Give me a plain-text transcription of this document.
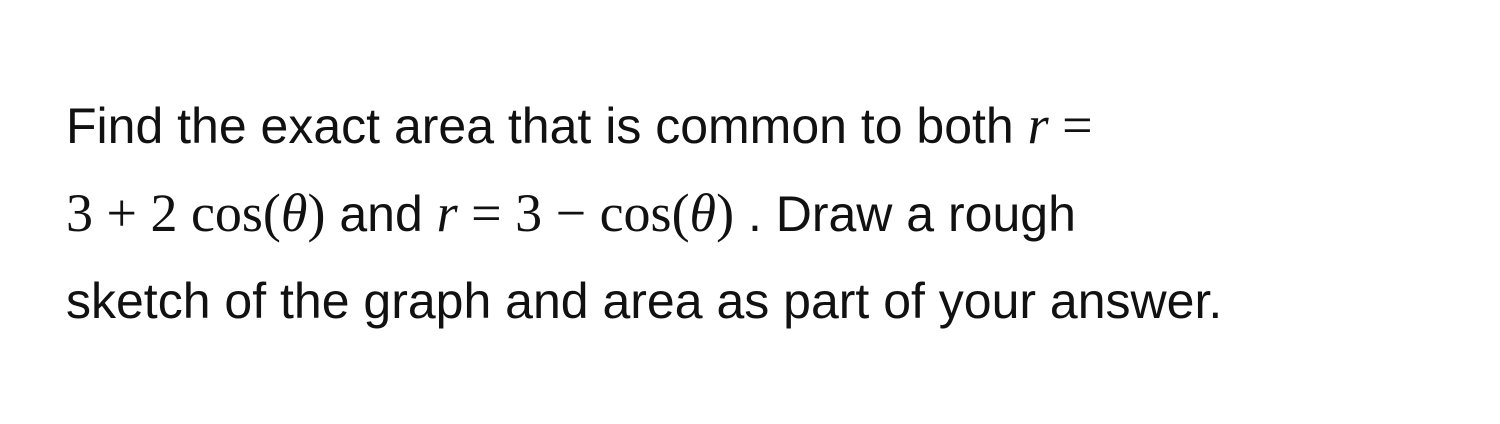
Find the exact area that is common to both r =
3 + 2 cos(θ) and r = 3 − cos(θ) . Draw a rough
sketch of the graph and area as part of your answer.
